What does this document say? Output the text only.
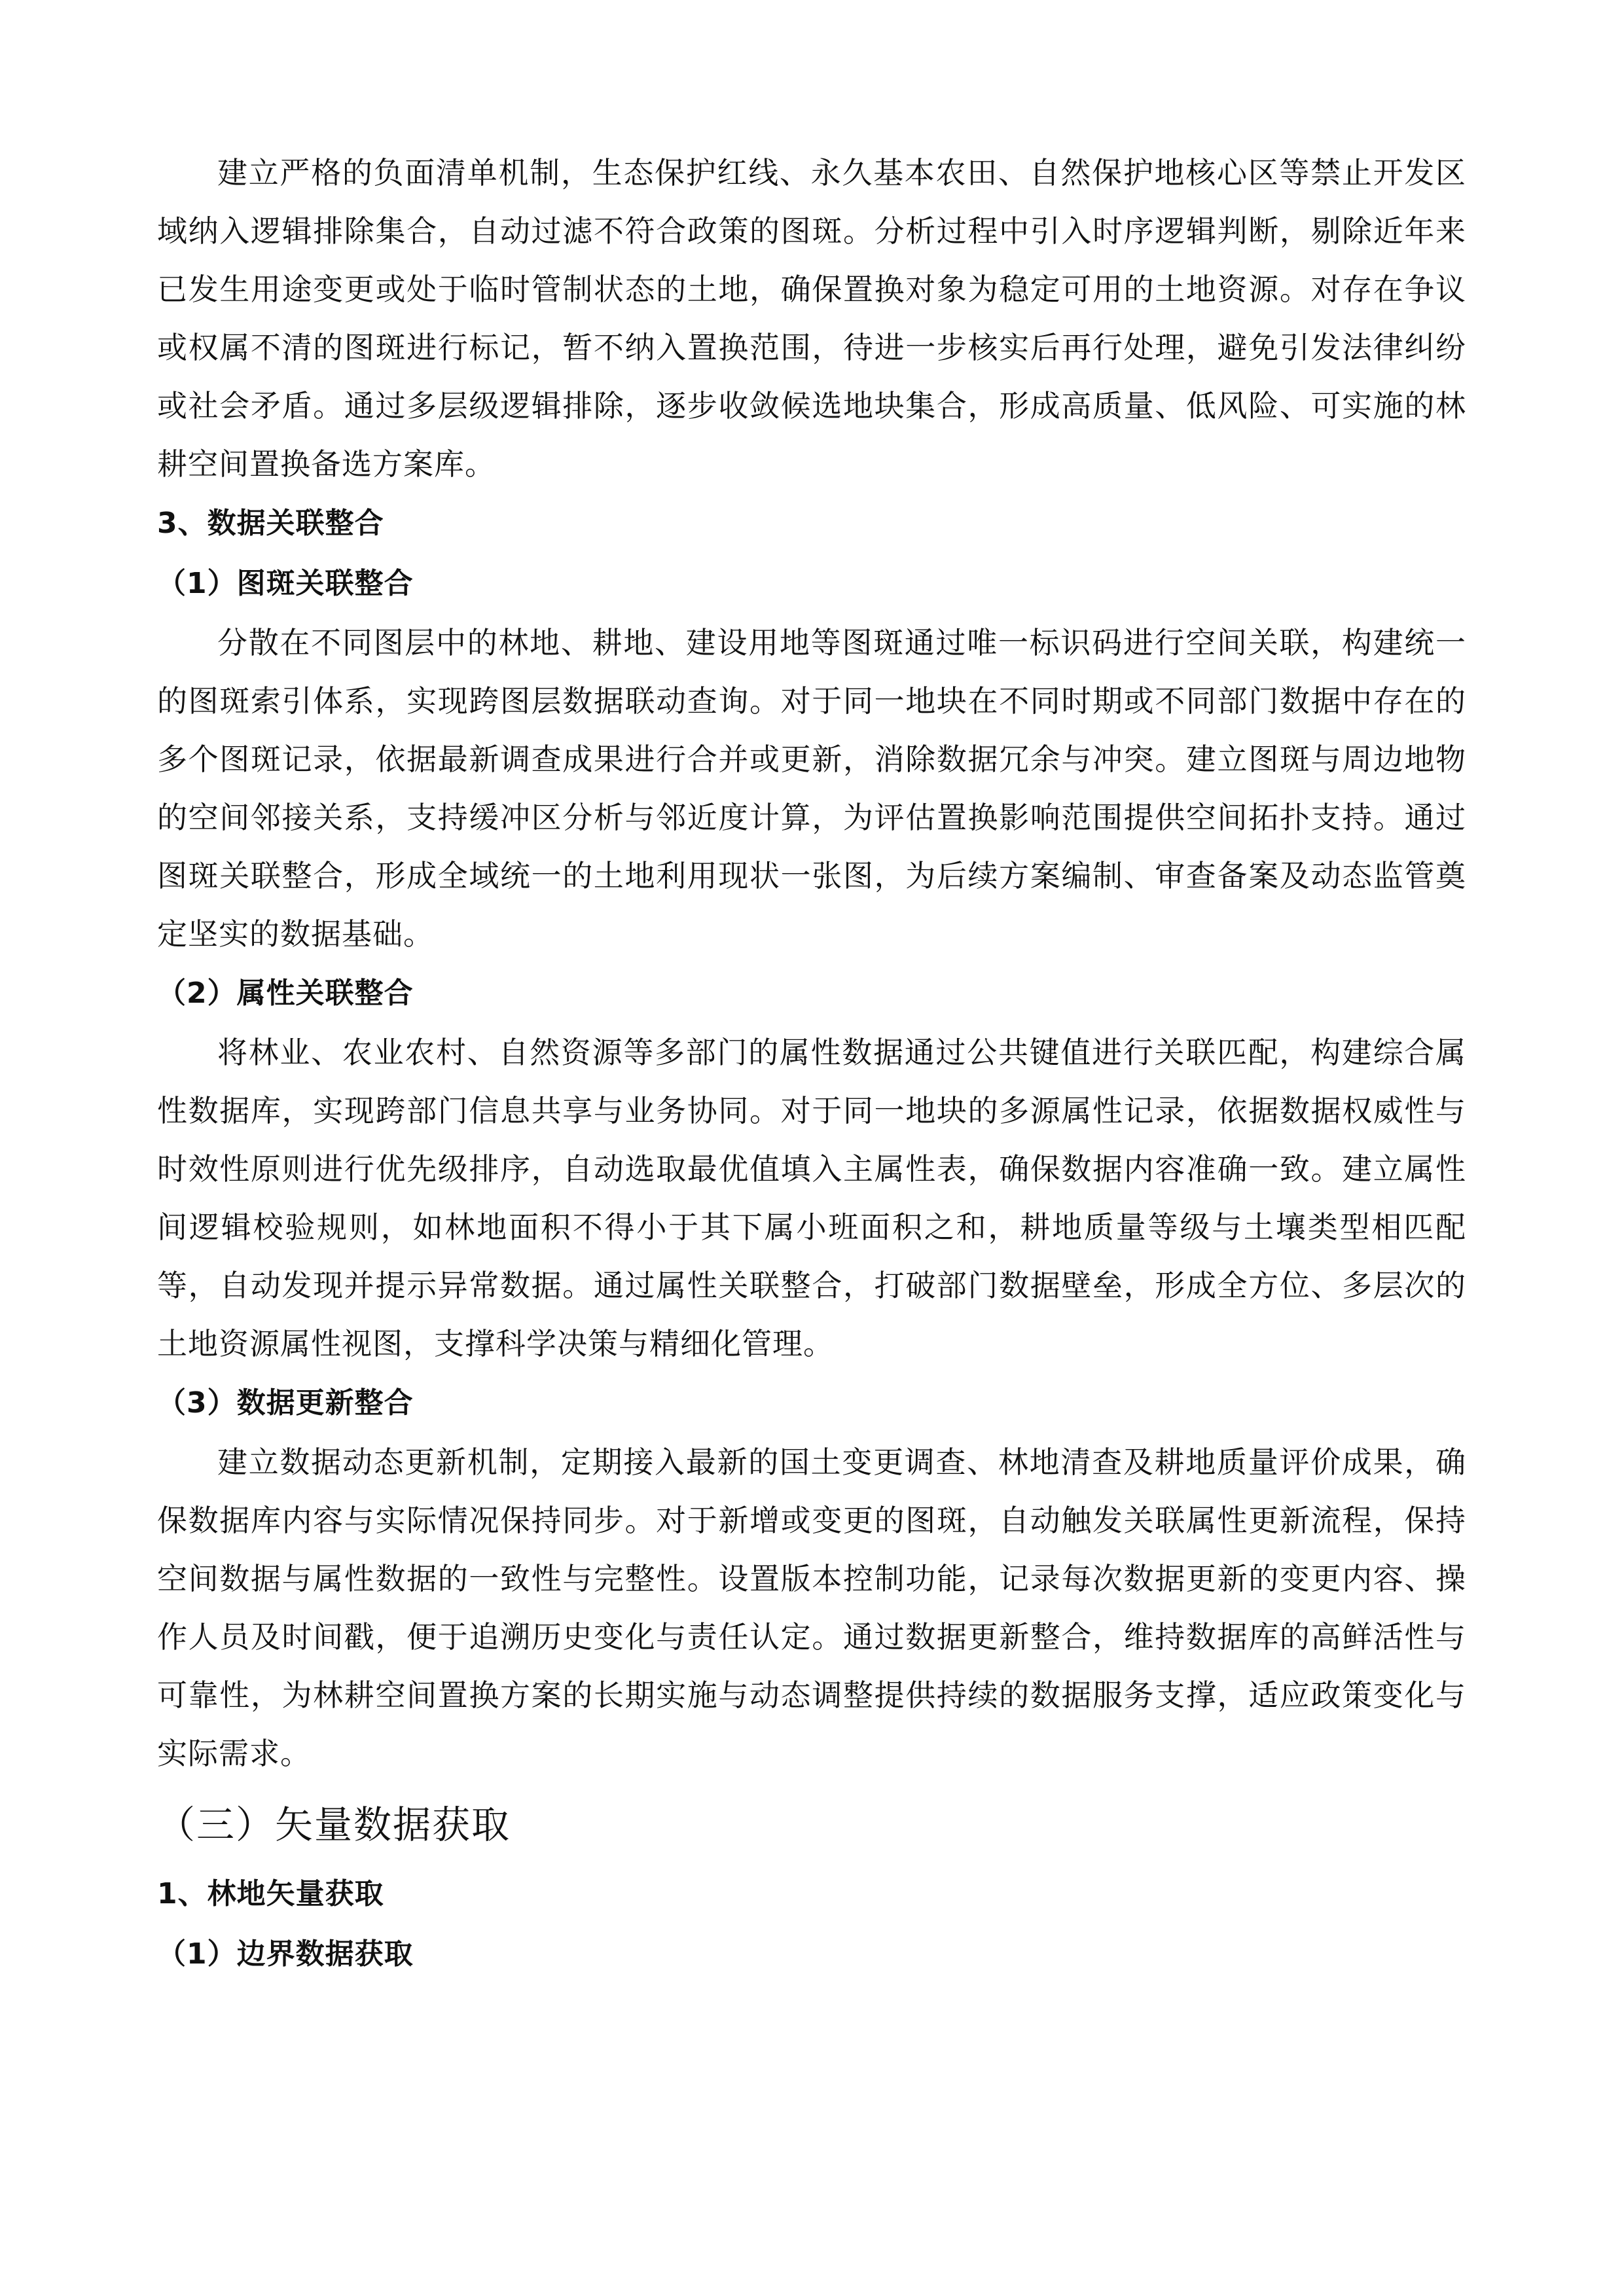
建立严格的负面清单机制，生态保护红线、永久基本农田、自然保护地核心区等禁止开发区域纳入逻辑排除集合，自动过滤不符合政策的图斑。分析过程中引入时序逻辑判断，剔除近年来已发生用途变更或处于临时管制状态的土地，确保置换对象为稳定可用的土地资源。对存在争议或权属不清的图斑进行标记，暂不纳入置换范围，待进一步核实后再行处理，避免引发法律纠纷或社会矛盾。通过多层级逻辑排除，逐步收敛候选地块集合，形成高质量、低风险、可实施的林耕空间置换备选方案库。

3、数据关联整合

（1）图斑关联整合

分散在不同图层中的林地、耕地、建设用地等图斑通过唯一标识码进行空间关联，构建统一的图斑索引体系，实现跨图层数据联动查询。对于同一地块在不同时期或不同部门数据中存在的多个图斑记录，依据最新调查成果进行合并或更新，消除数据冗余与冲突。建立图斑与周边地物的空间邻接关系，支持缓冲区分析与邻近度计算，为评估置换影响范围提供空间拓扑支持。通过图斑关联整合，形成全域统一的土地利用现状一张图，为后续方案编制、审查备案及动态监管奠定坚实的数据基础。

（2）属性关联整合

将林业、农业农村、自然资源等多部门的属性数据通过公共键值进行关联匹配，构建综合属性数据库，实现跨部门信息共享与业务协同。对于同一地块的多源属性记录，依据数据权威性与时效性原则进行优先级排序，自动选取最优值填入主属性表，确保数据内容准确一致。建立属性间逻辑校验规则，如林地面积不得小于其下属小班面积之和，耕地质量等级与土壤类型相匹配等，自动发现并提示异常数据。通过属性关联整合，打破部门数据壁垒，形成全方位、多层次的土地资源属性视图，支撑科学决策与精细化管理。

（3）数据更新整合

建立数据动态更新机制，定期接入最新的国土变更调查、林地清查及耕地质量评价成果，确保数据库内容与实际情况保持同步。对于新增或变更的图斑，自动触发关联属性更新流程，保持空间数据与属性数据的一致性与完整性。设置版本控制功能，记录每次数据更新的变更内容、操作人员及时间戳，便于追溯历史变化与责任认定。通过数据更新整合，维持数据库的高鲜活性与可靠性，为林耕空间置换方案的长期实施与动态调整提供持续的数据服务支撑，适应政策变化与实际需求。

（三）矢量数据获取

1、林地矢量获取

（1）边界数据获取
